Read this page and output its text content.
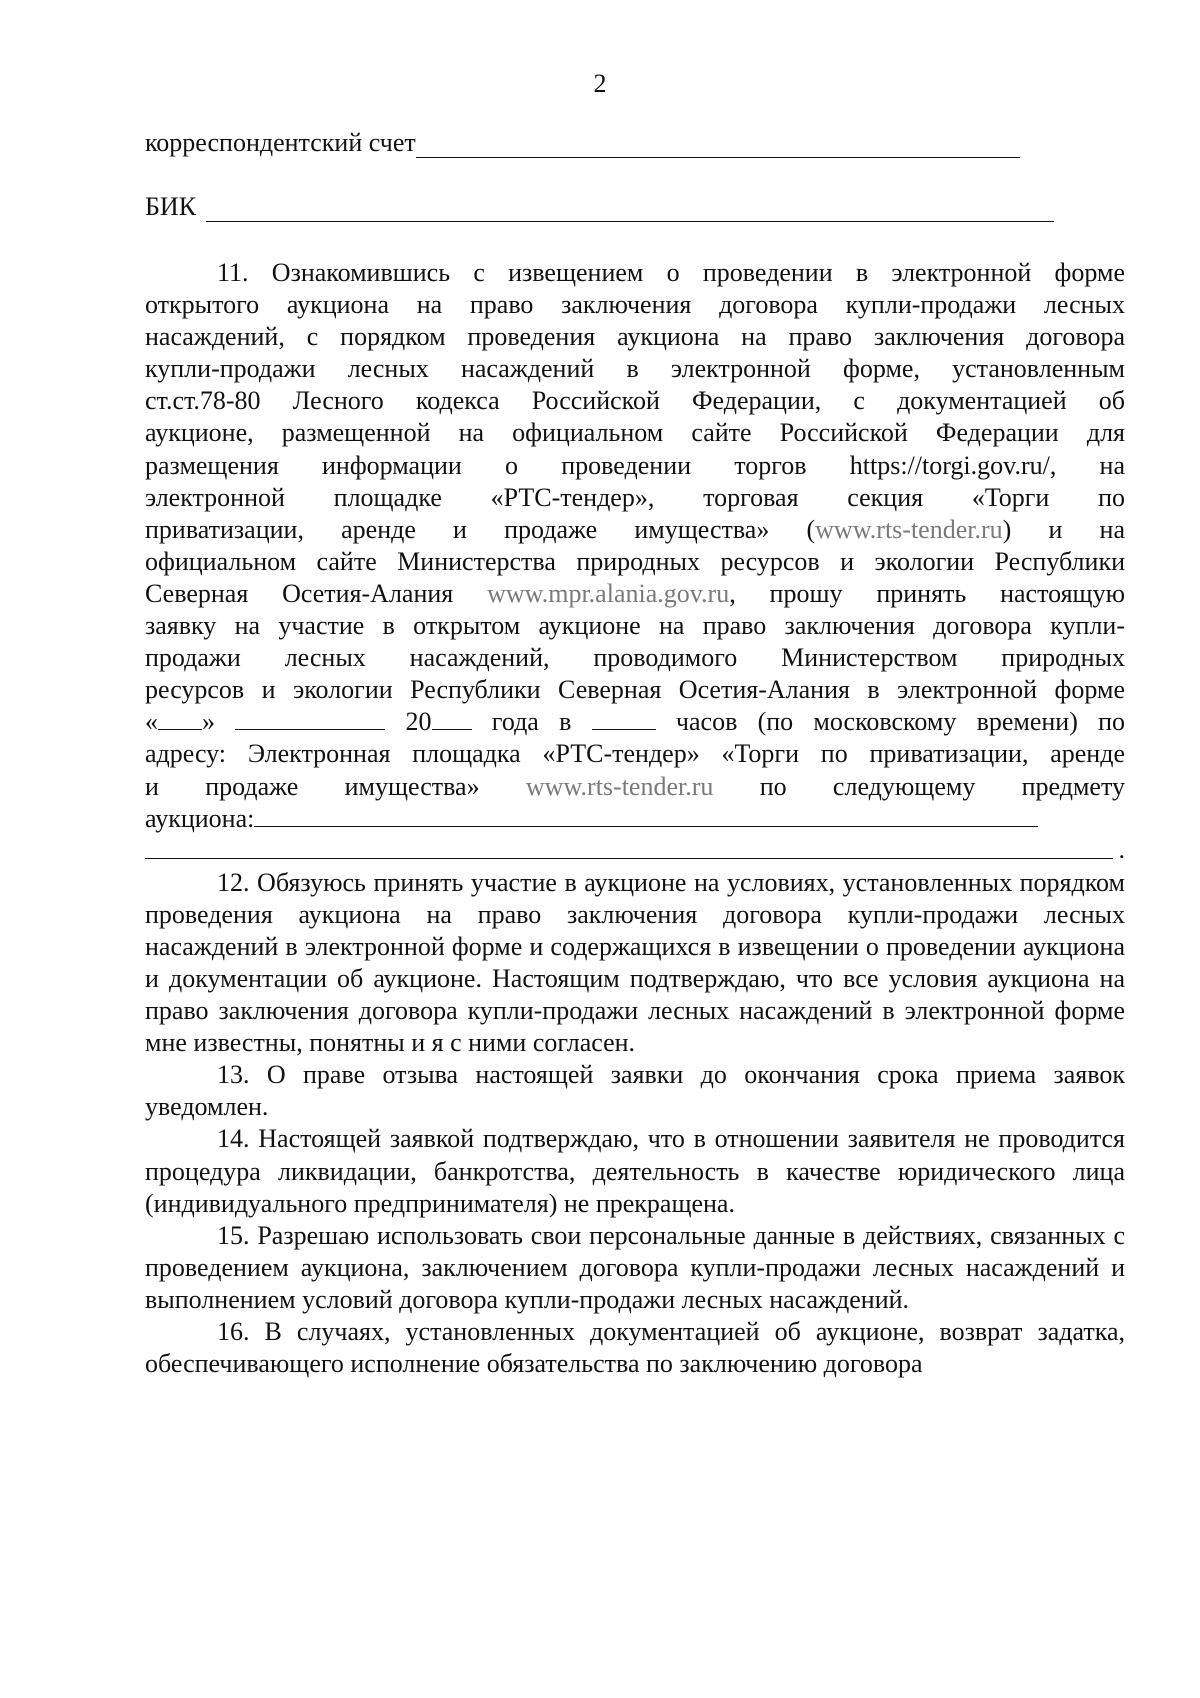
2
корреспондентский счет
БИК
11. Ознакомившись с извещением о проведении в электронной форме
открытого аукциона на право заключения договора купли-продажи лесных
насаждений, с порядком проведения аукциона на право заключения договора
купли-продажи лесных насаждений в электронной форме, установленным
ст.ст.78-80 Лесного кодекса Российской Федерации, с документацией об
аукционе, размещенной на официальном сайте Российской Федерации для
размещения информации о проведении торгов https://torgi.gov.ru/, на
электронной площадке «РТС-тендер», торговая секция «Торги по
приватизации, аренде и продаже имущества» (www.rts-tender.ru) и на
официальном сайте Министерства природных ресурсов и экологии Республики
Северная Осетия-Алания www.mpr.alania.gov.ru, прошу принять настоящую
заявку на участие в открытом аукционе на право заключения договора купли-
продажи лесных насаждений, проводимого Министерством природных
ресурсов и экологии Республики Северная Осетия-Алания в электронной форме
« »	20 года в	часов (по московскому времени) по
адресу: Электронная площадка «РТС-тендер» «Торги по приватизации, аренде
и продаже имущества» www.rts-tender.ru по следующему предмету
аукциона:
.

12. Обязуюсь принять участие в аукционе на условиях, установленных порядком проведения аукциона на право заключения договора купли-продажи лесных насаждений в электронной форме и содержащихся в извещении о проведении аукциона и документации об аукционе. Настоящим подтверждаю, что все условия аукциона на право заключения договора купли-продажи лесных насаждений в электронной форме мне известны, понятны и я с ними согласен.

13. О праве отзыва настоящей заявки до окончания срока приема заявок уведомлен.

14. Настоящей заявкой подтверждаю, что в отношении заявителя не проводится процедура ликвидации, банкротства, деятельность в качестве юридического лица (индивидуального предпринимателя) не прекращена.

15. Разрешаю использовать свои персональные данные в действиях, связанных с проведением аукциона, заключением договора купли-продажи лесных насаждений и выполнением условий договора купли-продажи лесных насаждений.

16. В случаях, установленных документацией об аукционе, возврат задатка, обеспечивающего исполнение обязательства по заключению договора
